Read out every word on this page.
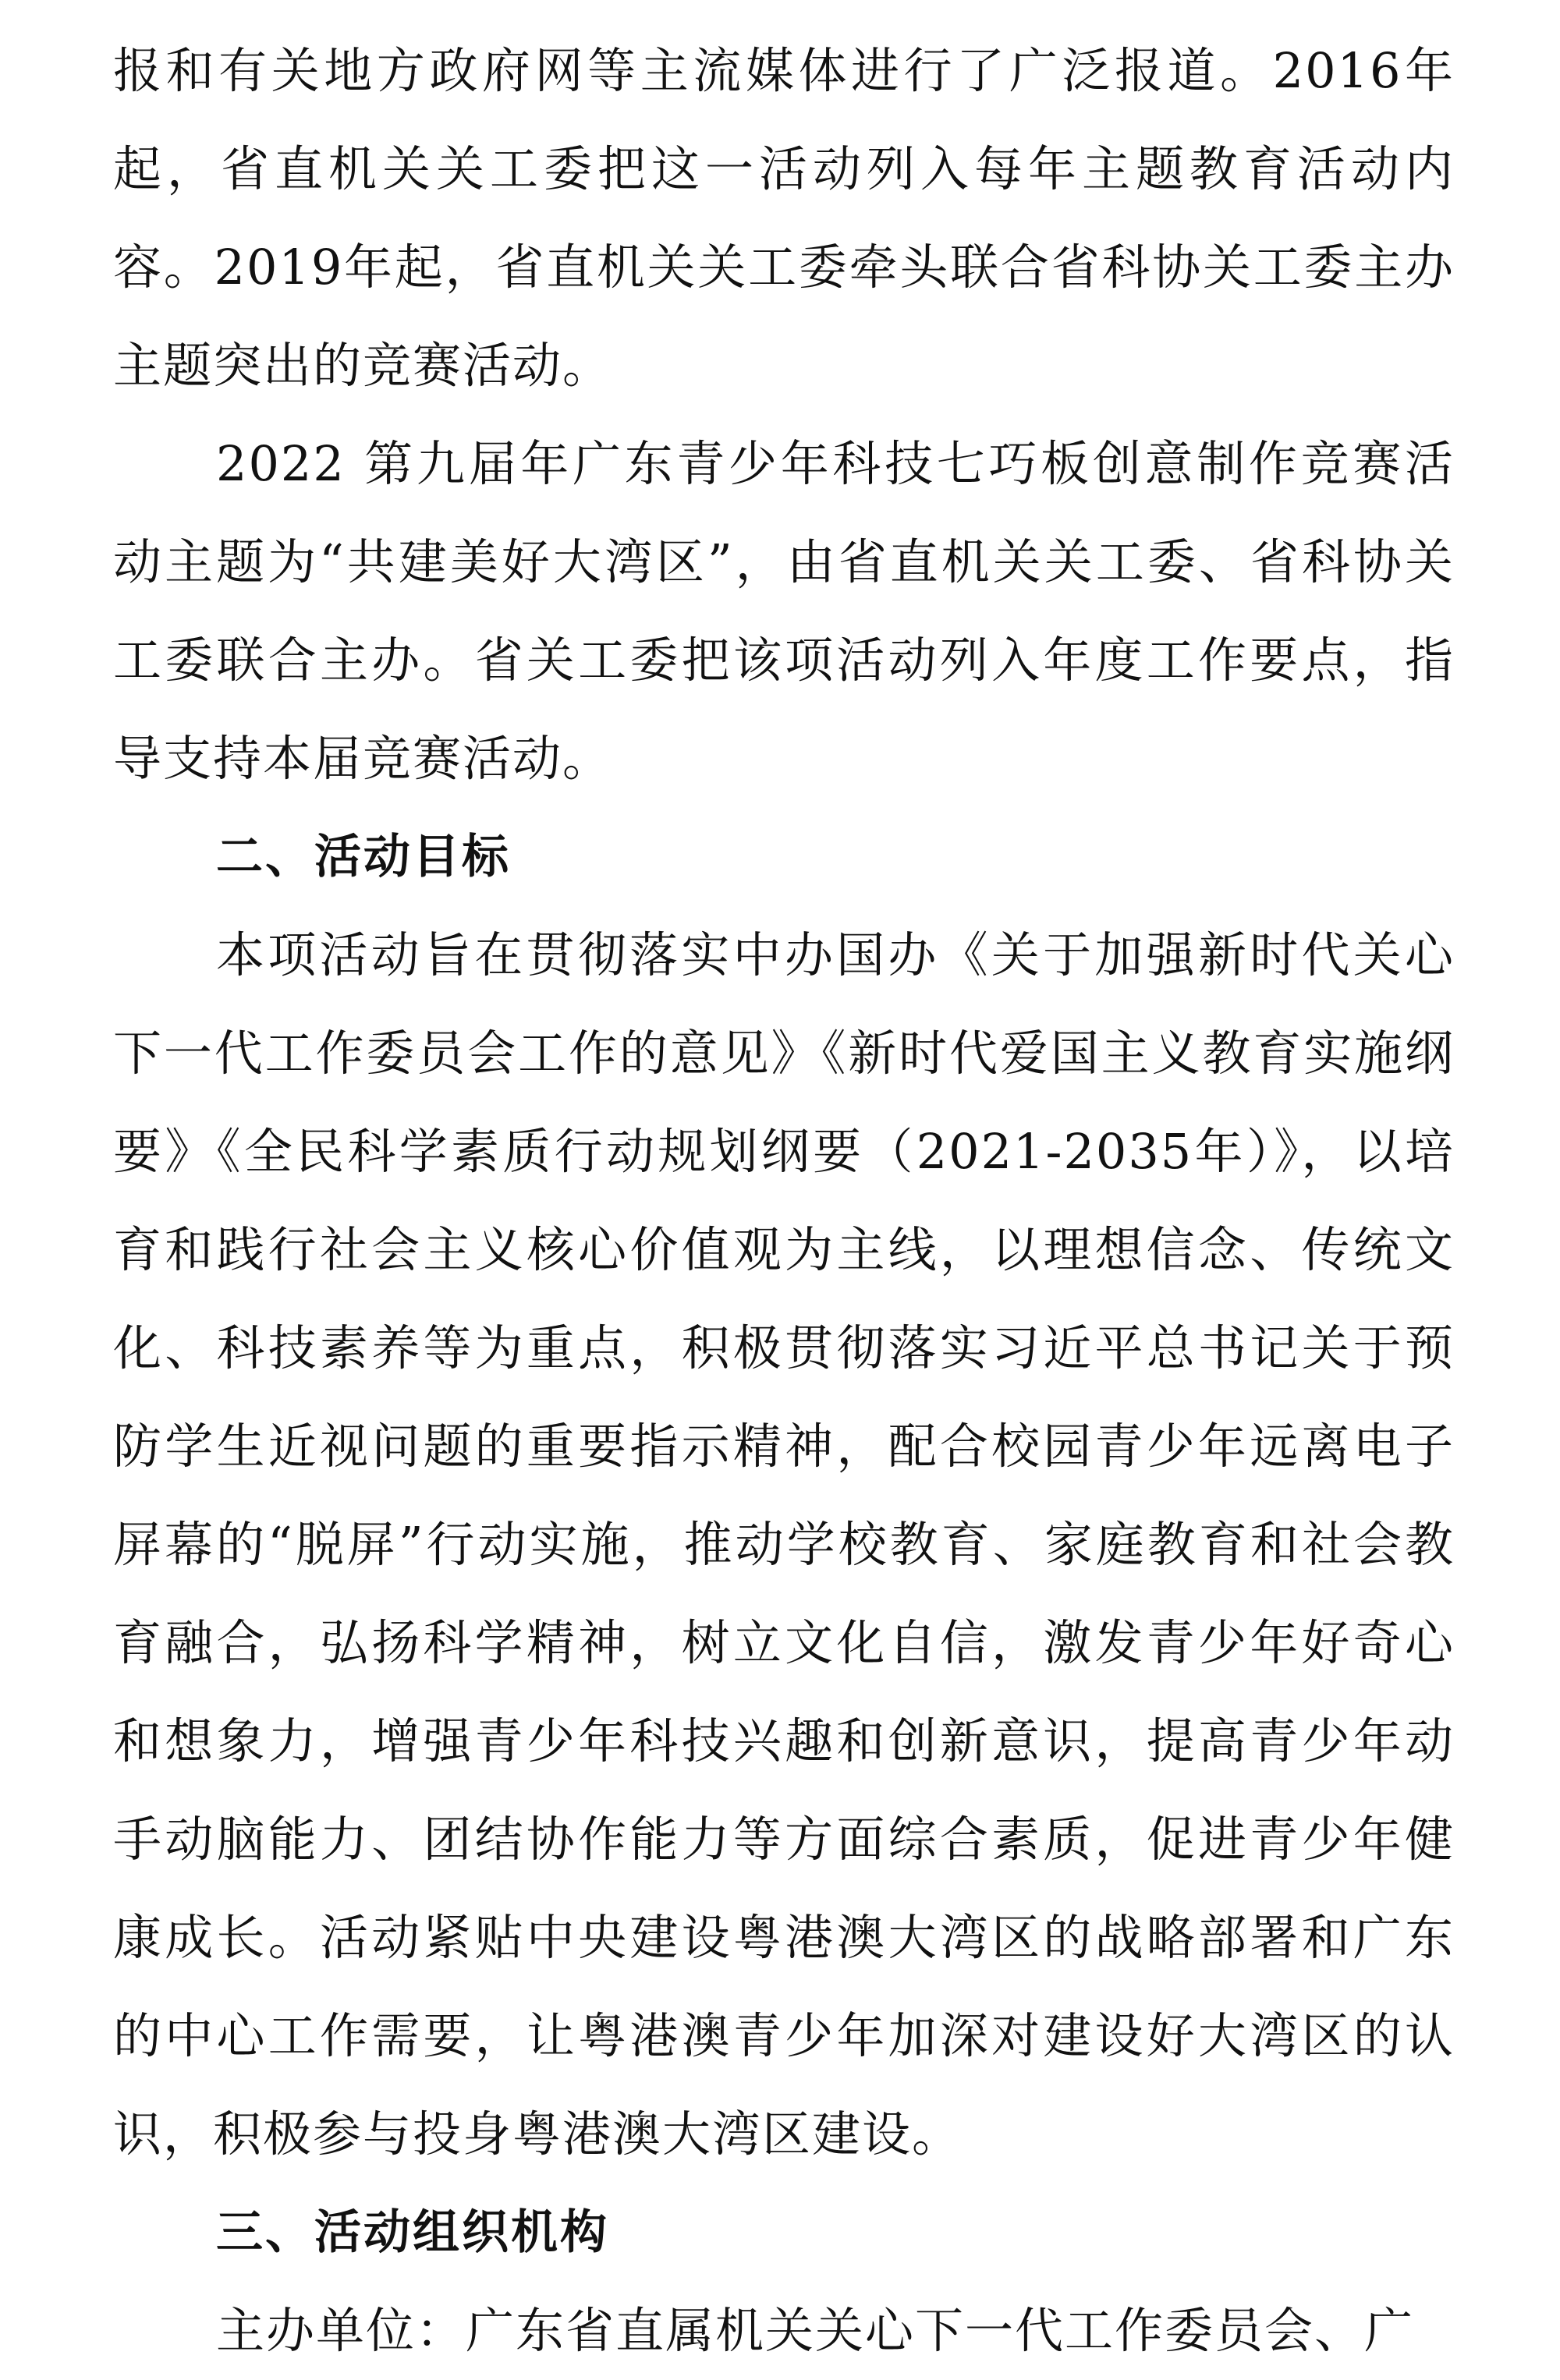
报和有关地方政府网等主流媒体进行了广泛报道。2016年起，省直机关关工委把这一活动列入每年主题教育活动内容。2019年起，省直机关关工委牵头联合省科协关工委主办主题突出的竞赛活动。

2022 第九届年广东青少年科技七巧板创意制作竞赛活动主题为“共建美好大湾区”，由省直机关关工委、省科协关工委联合主办。省关工委把该项活动列入年度工作要点，指导支持本届竞赛活动。

二、活动目标

本项活动旨在贯彻落实中办国办《关于加强新时代关心下一代工作委员会工作的意见》《新时代爱国主义教育实施纲要》《全民科学素质行动规划纲要（2021-2035年）》，以培育和践行社会主义核心价值观为主线，以理想信念、传统文化、科技素养等为重点，积极贯彻落实习近平总书记关于预防学生近视问题的重要指示精神，配合校园青少年远离电子屏幕的“脱屏”行动实施，推动学校教育、家庭教育和社会教育融合，弘扬科学精神，树立文化自信，激发青少年好奇心和想象力，增强青少年科技兴趣和创新意识，提高青少年动手动脑能力、团结协作能力等方面综合素质，促进青少年健康成长。活动紧贴中央建设粤港澳大湾区的战略部署和广东的中心工作需要，让粤港澳青少年加深对建设好大湾区的认识，积极参与投身粤港澳大湾区建设。

三、活动组织机构

主办单位：广东省直属机关关心下一代工作委员会、广
